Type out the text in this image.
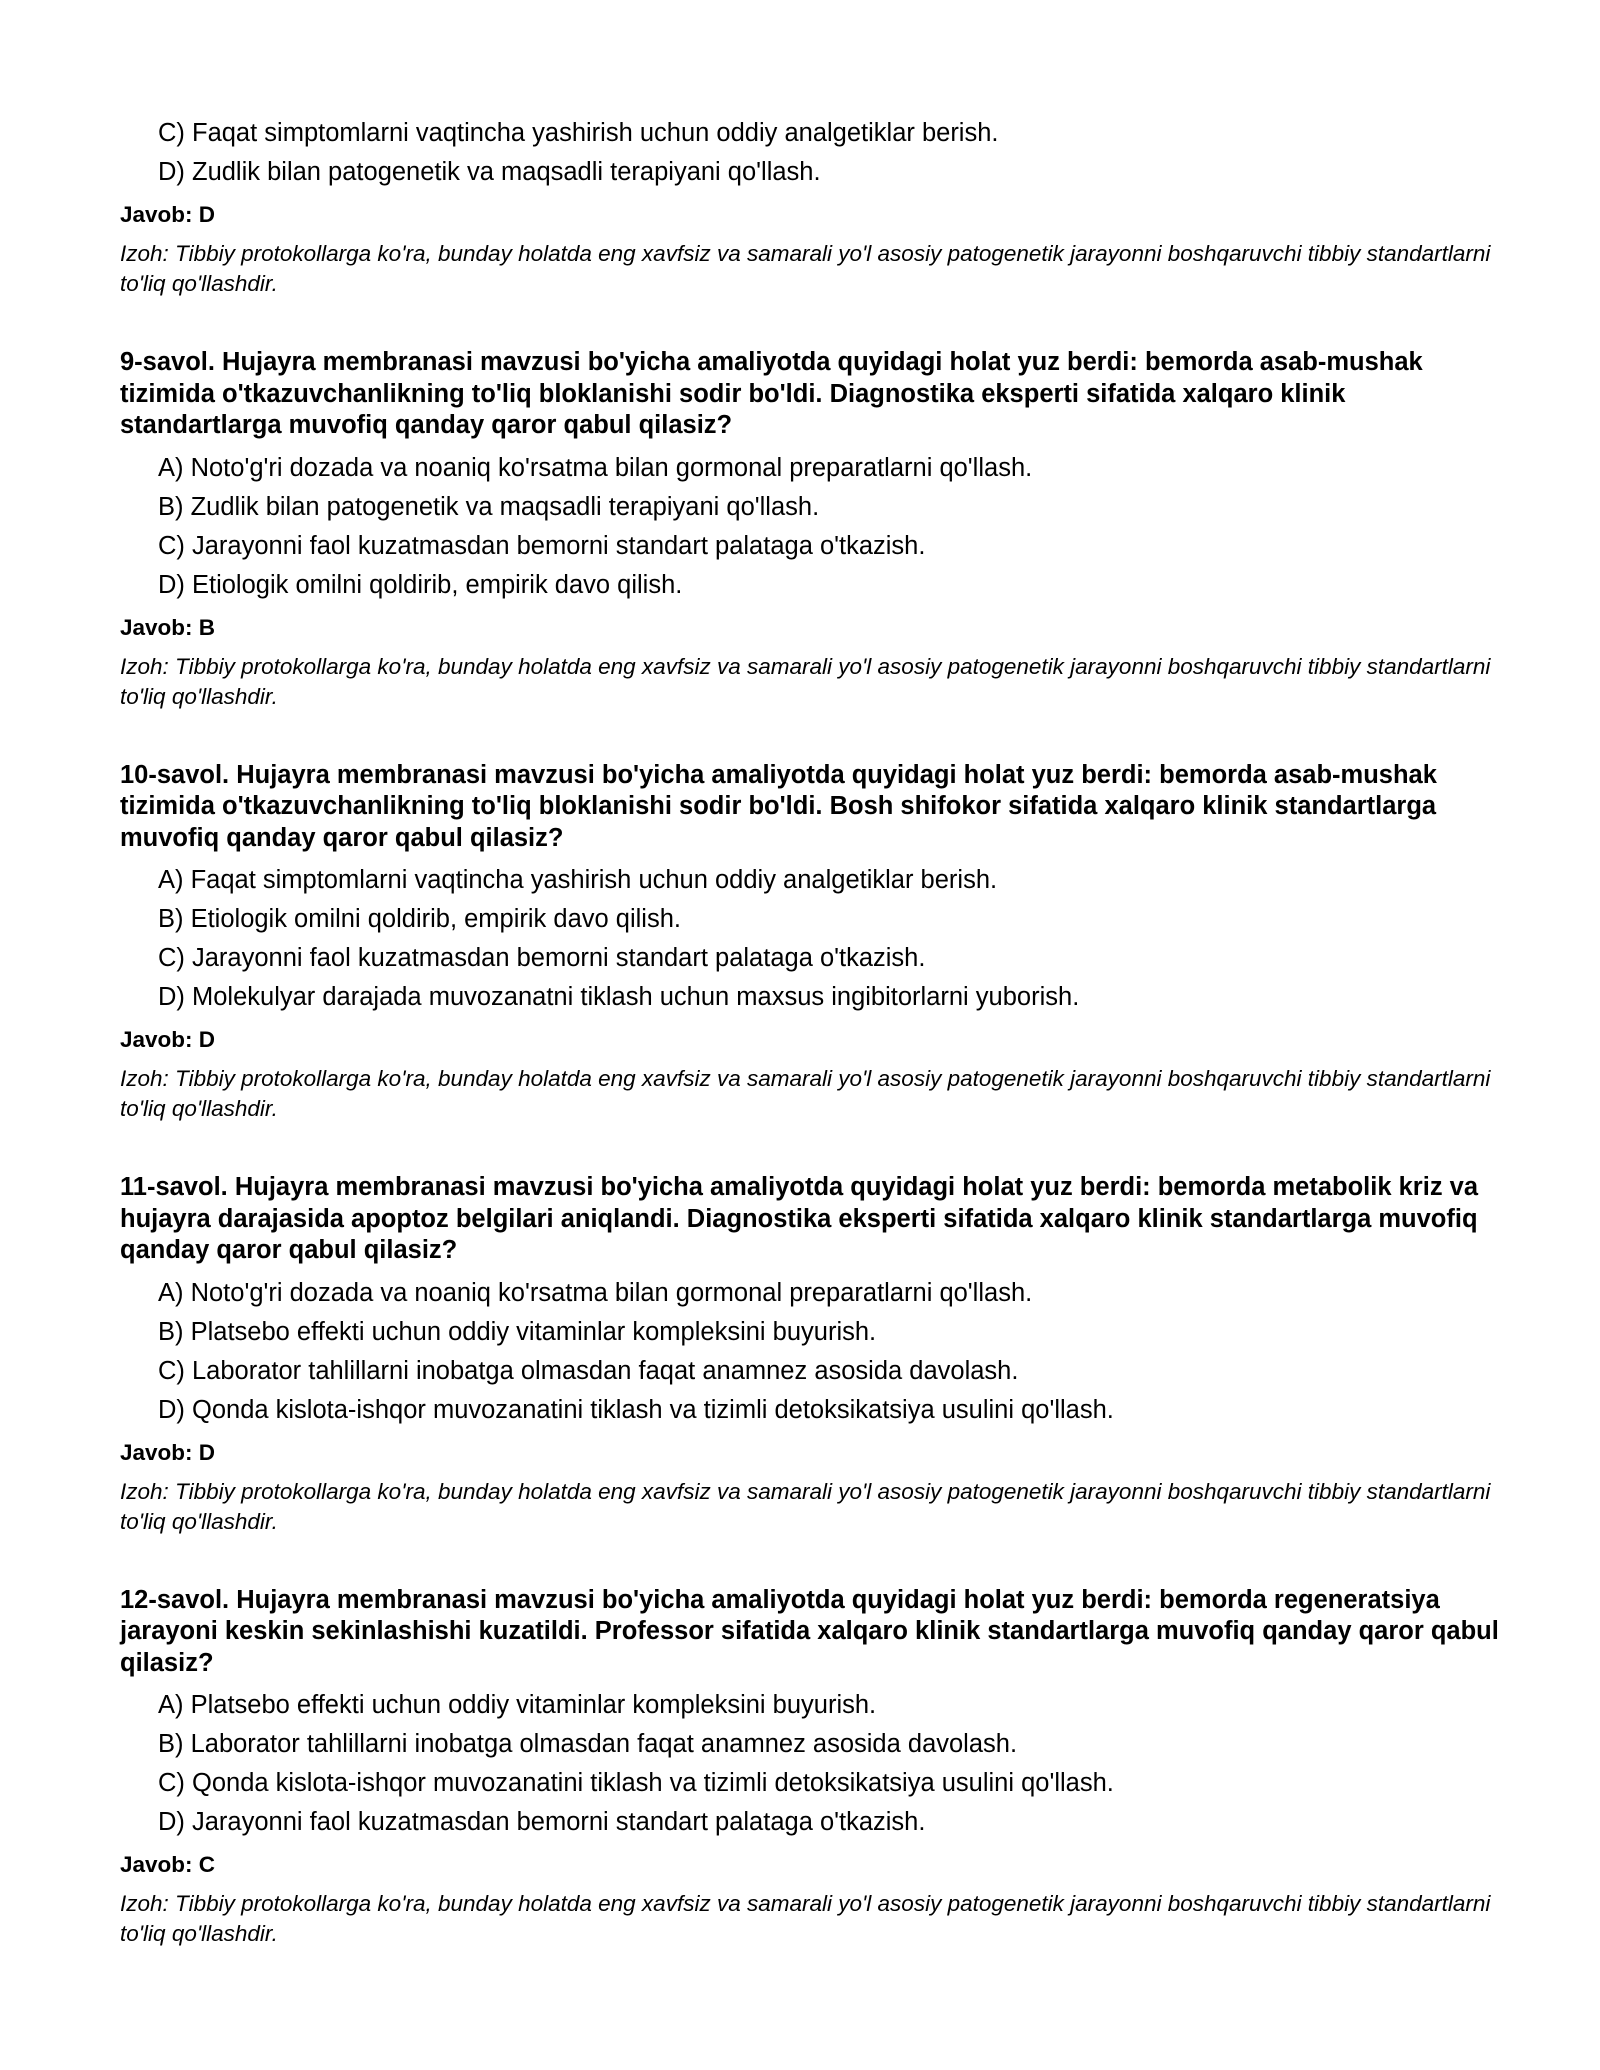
C) Faqat simptomlarni vaqtincha yashirish uchun oddiy analgetiklar berish.
D) Zudlik bilan patogenetik va maqsadli terapiyani qo'llash.
Javob: D
Izoh: Tibbiy protokollarga ko'ra, bunday holatda eng xavfsiz va samarali yo'l asosiy patogenetik jarayonni boshqaruvchi tibbiy standartlarni to'liq qo'llashdir.
9-savol. Hujayra membranasi mavzusi bo'yicha amaliyotda quyidagi holat yuz berdi: bemorda asab-mushak tizimida o'tkazuvchanlikning to'liq bloklanishi sodir bo'ldi. Diagnostika eksperti sifatida xalqaro klinik standartlarga muvofiq qanday qaror qabul qilasiz?
A) Noto'g'ri dozada va noaniq ko'rsatma bilan gormonal preparatlarni qo'llash.
B) Zudlik bilan patogenetik va maqsadli terapiyani qo'llash.
C) Jarayonni faol kuzatmasdan bemorni standart palataga o'tkazish.
D) Etiologik omilni qoldirib, empirik davo qilish.
Javob: B
Izoh: Tibbiy protokollarga ko'ra, bunday holatda eng xavfsiz va samarali yo'l asosiy patogenetik jarayonni boshqaruvchi tibbiy standartlarni to'liq qo'llashdir.
10-savol. Hujayra membranasi mavzusi bo'yicha amaliyotda quyidagi holat yuz berdi: bemorda asab-mushak tizimida o'tkazuvchanlikning to'liq bloklanishi sodir bo'ldi. Bosh shifokor sifatida xalqaro klinik standartlarga muvofiq qanday qaror qabul qilasiz?
A) Faqat simptomlarni vaqtincha yashirish uchun oddiy analgetiklar berish.
B) Etiologik omilni qoldirib, empirik davo qilish.
C) Jarayonni faol kuzatmasdan bemorni standart palataga o'tkazish.
D) Molekulyar darajada muvozanatni tiklash uchun maxsus ingibitorlarni yuborish.
Javob: D
Izoh: Tibbiy protokollarga ko'ra, bunday holatda eng xavfsiz va samarali yo'l asosiy patogenetik jarayonni boshqaruvchi tibbiy standartlarni to'liq qo'llashdir.
11-savol. Hujayra membranasi mavzusi bo'yicha amaliyotda quyidagi holat yuz berdi: bemorda metabolik kriz va hujayra darajasida apoptoz belgilari aniqlandi. Diagnostika eksperti sifatida xalqaro klinik standartlarga muvofiq qanday qaror qabul qilasiz?
A) Noto'g'ri dozada va noaniq ko'rsatma bilan gormonal preparatlarni qo'llash.
B) Platsebo effekti uchun oddiy vitaminlar kompleksini buyurish.
C) Laborator tahlillarni inobatga olmasdan faqat anamnez asosida davolash.
D) Qonda kislota-ishqor muvozanatini tiklash va tizimli detoksikatsiya usulini qo'llash.
Javob: D
Izoh: Tibbiy protokollarga ko'ra, bunday holatda eng xavfsiz va samarali yo'l asosiy patogenetik jarayonni boshqaruvchi tibbiy standartlarni to'liq qo'llashdir.
12-savol. Hujayra membranasi mavzusi bo'yicha amaliyotda quyidagi holat yuz berdi: bemorda regeneratsiya jarayoni keskin sekinlashishi kuzatildi. Professor sifatida xalqaro klinik standartlarga muvofiq qanday qaror qabul qilasiz?
A) Platsebo effekti uchun oddiy vitaminlar kompleksini buyurish.
B) Laborator tahlillarni inobatga olmasdan faqat anamnez asosida davolash.
C) Qonda kislota-ishqor muvozanatini tiklash va tizimli detoksikatsiya usulini qo'llash.
D) Jarayonni faol kuzatmasdan bemorni standart palataga o'tkazish.
Javob: C
Izoh: Tibbiy protokollarga ko'ra, bunday holatda eng xavfsiz va samarali yo'l asosiy patogenetik jarayonni boshqaruvchi tibbiy standartlarni to'liq qo'llashdir.
